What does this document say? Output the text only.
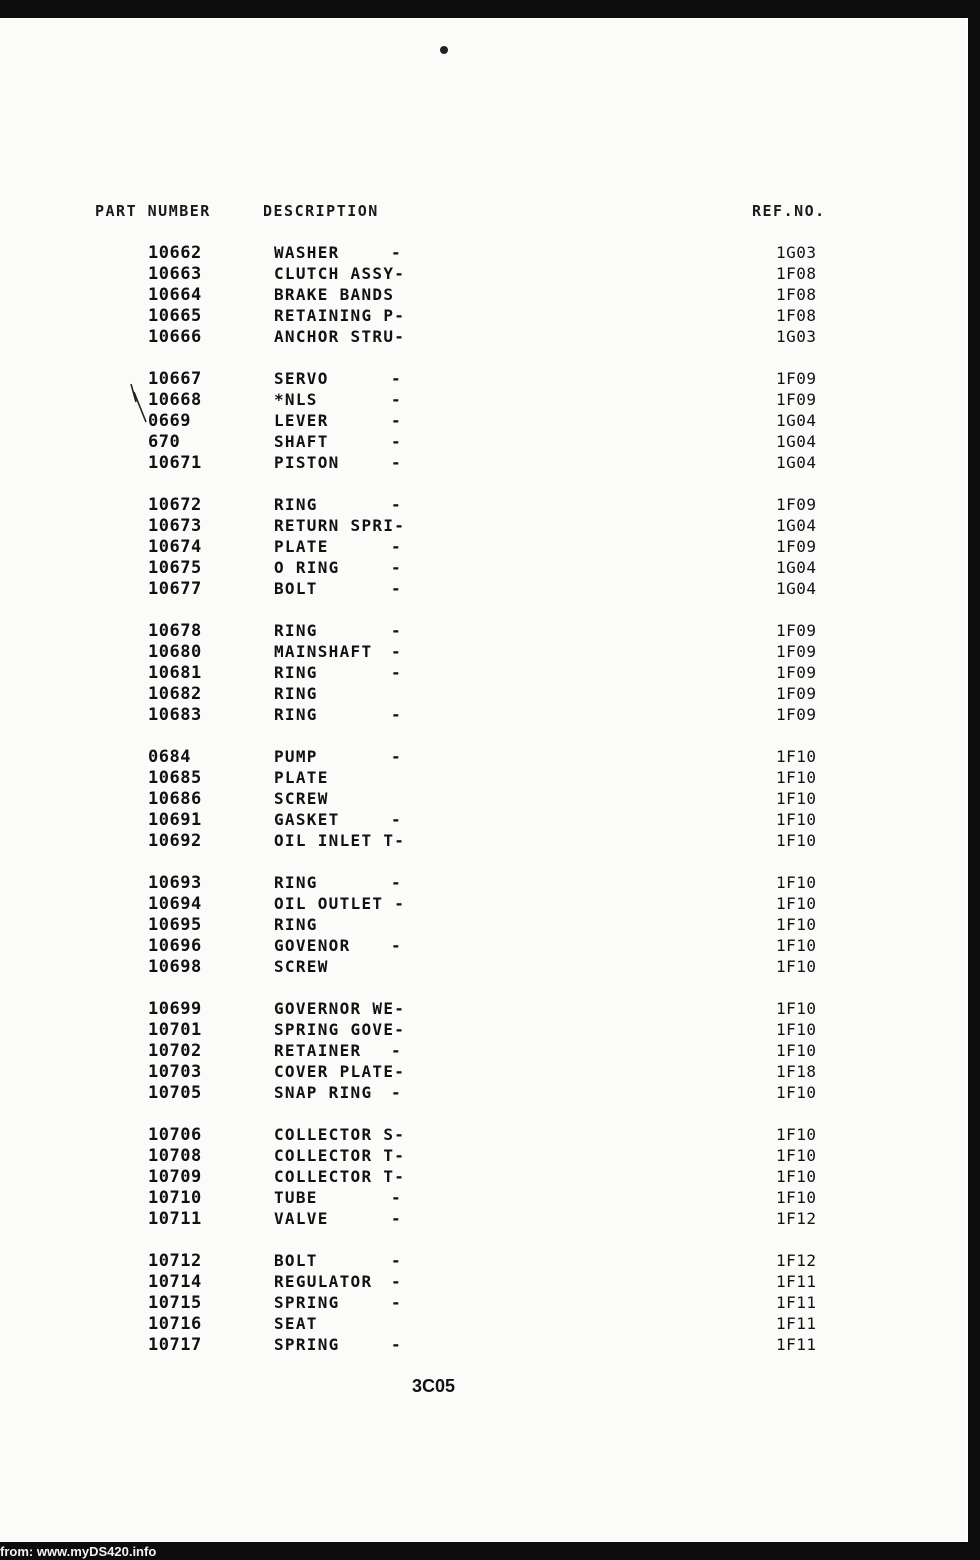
PART NUMBER	DESCRIPTION	REF.NO.
10662	WASHER	-	1G03
10663	CLUTCH ASSY-	1F08
10664	BRAKE BANDS	1F08
10665	RETAINING P-	1F08
10666	ANCHOR STRU-	1G03
10667	SERVO	-	1F09
10668	*NLS	-	1F09
0669	LEVER	-	1G04
670	SHAFT	-	1G04
10671	PISTON	-	1G04
10672	RING	-	1F09
10673	RETURN SPRI-	1G04
10674	PLATE	-	1F09
10675	O RING	-	1G04
10677	BOLT	-	1G04
10678	RING	-	1F09
10680	MAINSHAFT -	1F09
10681	RING	-	1F09
10682	RING	1F09
10683	RING	-	1F09
0684	PUMP	-	1F10
10685	PLATE	1F10
10686	SCREW	1F10
10691	GASKET	-	1F10
10692	OIL INLET T-	1F10
10693	RING	-	1F10
10694	OIL OUTLET -	1F10
10695	RING	1F10
10696	GOVENOR	-	1F10
10698	SCREW	1F10
10699	GOVERNOR WE-	1F10
10701	SPRING GOVE-	1F10
10702	RETAINER -	1F10
10703	COVER PLATE-	1F18
10705	SNAP RING -	1F10
10706	COLLECTOR S-	1F10
10708	COLLECTOR T-	1F10
10709	COLLECTOR T-	1F10
10710	TUBE	-	1F10
10711	VALVE	-	1F12
10712	BOLT	-	1F12
10714	REGULATOR -	1F11
10715	SPRING	-	1F11
10716	SEAT	1F11
10717	SPRING	-	1F11
3C05
from: www.myDS420.info
